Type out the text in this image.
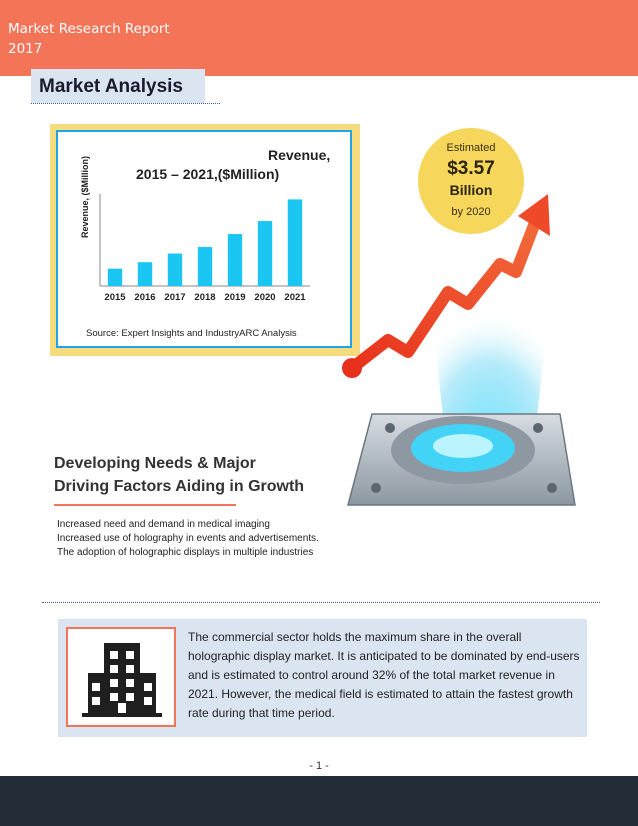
Market Research Report
2017
Market Analysis
Revenue,
2015 – 2021,($Million)
Revenue, ($Million)
2015 2016 2017 2018 2019 2020 2021
Source: Expert Insights and IndustryARC Analysis
Estimated
$3.57
Billion
by 2020
Developing Needs & Major
Driving Factors Aiding in Growth
Increased need and demand in medical imaging
Increased use of holography in events and advertisements.
The adoption of holographic displays in multiple industries
The commercial sector holds the maximum share in the overall holographic display market. It is anticipated to be dominated by end-users and is estimated to control around 32% of the total market revenue in 2021. However, the medical field is estimated to attain the fastest growth rate during that time period.
- 1 -
